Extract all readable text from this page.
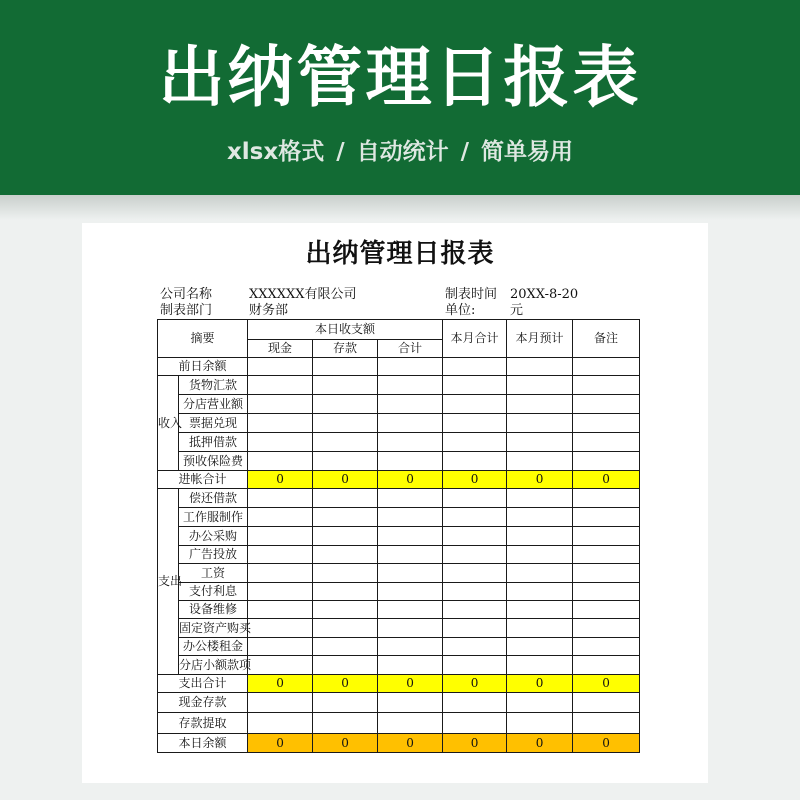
出纳管理日报表
xlsx格式 / 自动统计 / 简单易用
出纳管理日报表
公司名称	XXXXXX有限公司
制表部门	财务部
制表时间 20XX-8-20
单位:	元
摘要		本日收支额			本月合计	本月预计	备注
		现金	存款	合计			
前日余额							
收入	货物汇款						
	分店营业额						
	票据兑现						
	抵押借款						
	预收保险费						
进帐合计		0	0	0	0	0	0
支出	偿还借款						
	工作服制作						
	办公采购						
	广告投放						
	工资						
	支付利息						
	设备维修						
	固定资产购买						
	办公楼租金						
	分店小额款项						
支出合计		0	0	0	0	0	0
现金存款							
存款提取							
本日余额		0	0	0	0	0	0
